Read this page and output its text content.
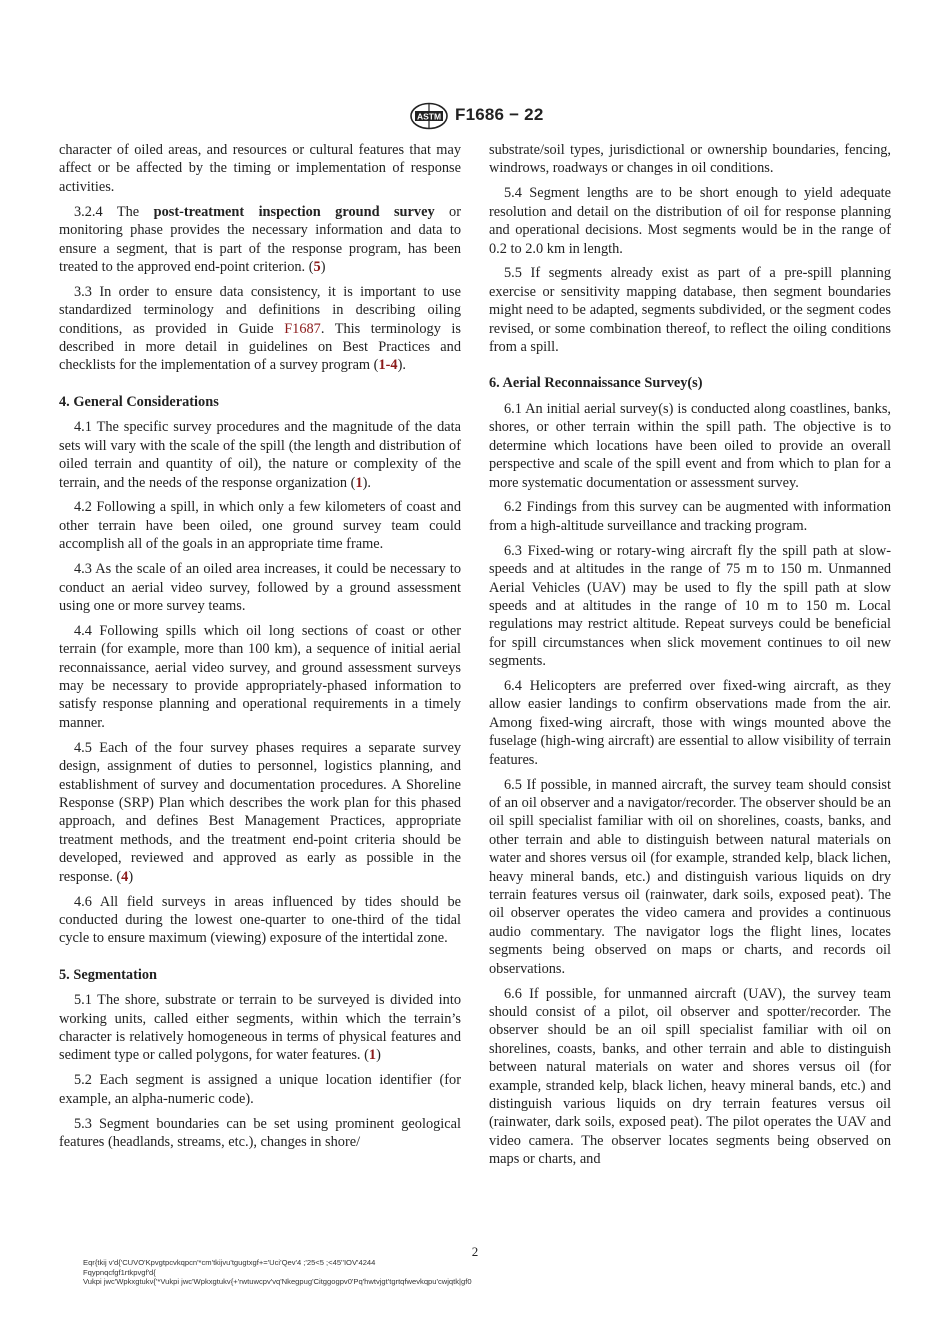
ASTM F1686 − 22

character of oiled areas, and resources or cultural features that may affect or be affected by the timing or implementation of response activities.

3.2.4 The post-treatment inspection ground survey or monitoring phase provides the necessary information and data to ensure a segment, that is part of the response program, has been treated to the approved end-point criterion. (5)

3.3 In order to ensure data consistency, it is important to use standardized terminology and definitions in describing oiling conditions, as provided in Guide F1687. This terminology is described in more detail in guidelines on Best Practices and checklists for the implementation of a survey program (1-4).

4. General Considerations

4.1 The specific survey procedures and the magnitude of the data sets will vary with the scale of the spill (the length and distribution of oiled terrain and quantity of oil), the nature or complexity of the terrain, and the needs of the response organization (1).

4.2 Following a spill, in which only a few kilometers of coast and other terrain have been oiled, one ground survey team could accomplish all of the goals in an appropriate time frame.

4.3 As the scale of an oiled area increases, it could be necessary to conduct an aerial video survey, followed by a ground assessment using one or more survey teams.

4.4 Following spills which oil long sections of coast or other terrain (for example, more than 100 km), a sequence of initial aerial reconnaissance, aerial video survey, and ground assessment surveys may be necessary to provide appropriately-phased information to satisfy response planning and operational requirements in a timely manner.

4.5 Each of the four survey phases requires a separate survey design, assignment of duties to personnel, logistics planning, and establishment of survey and documentation procedures. A Shoreline Response (SRP) Plan which describes the work plan for this phased approach, and defines Best Management Practices, appropriate treatment methods, and the treatment end-point criteria should be developed, reviewed and approved as early as possible in the response. (4)

4.6 All field surveys in areas influenced by tides should be conducted during the lowest one-quarter to one-third of the tidal cycle to ensure maximum (viewing) exposure of the intertidal zone.

5. Segmentation

5.1 The shore, substrate or terrain to be surveyed is divided into working units, called either segments, within which the terrain’s character is relatively homogeneous in terms of physical features and sediment type or called polygons, for water features. (1)

5.2 Each segment is assigned a unique location identifier (for example, an alpha-numeric code).

5.3 Segment boundaries can be set using prominent geological features (headlands, streams, etc.), changes in shore/

substrate/soil types, jurisdictional or ownership boundaries, fencing, windrows, roadways or changes in oil conditions.

5.4 Segment lengths are to be short enough to yield adequate resolution and detail on the distribution of oil for response planning and operational decisions. Most segments would be in the range of 0.2 to 2.0 km in length.

5.5 If segments already exist as part of a pre-spill planning exercise or sensitivity mapping database, then segment boundaries might need to be adapted, segments subdivided, or the segment codes revised, or some combination thereof, to reflect the oiling conditions from a spill.

6. Aerial Reconnaissance Survey(s)

6.1 An initial aerial survey(s) is conducted along coastlines, banks, shores, or other terrain within the spill path. The objective is to determine which locations have been oiled to provide an overall perspective and scale of the spill event and from which to plan for a more systematic documentation or assessment survey.

6.2 Findings from this survey can be augmented with information from a high-altitude surveillance and tracking program.

6.3 Fixed-wing or rotary-wing aircraft fly the spill path at slow-speeds and at altitudes in the range of 75 m to 150 m. Unmanned Aerial Vehicles (UAV) may be used to fly the spill path at slow speeds and at altitudes in the range of 10 m to 150 m. Local regulations may restrict altitude. Repeat surveys could be beneficial for spill circumstances when slick movement continues to oil new segments.

6.4 Helicopters are preferred over fixed-wing aircraft, as they allow easier landings to confirm observations made from the air. Among fixed-wing aircraft, those with wings mounted above the fuselage (high-wing aircraft) are essential to allow visibility of terrain features.

6.5 If possible, in manned aircraft, the survey team should consist of an oil observer and a navigator/recorder. The observer should be an oil spill specialist familiar with oil on shorelines, coasts, banks, and other terrain and able to distinguish between natural materials on water and shores versus oil (for example, stranded kelp, black lichen, heavy mineral bands, etc.) and distinguish various liquids on dry terrain features versus oil (rainwater, dark soils, exposed peat). The oil observer operates the video camera and provides a continuous audio commentary. The navigator logs the flight lines, locates segments being observed on maps or charts, and records oil observations.

6.6 If possible, for unmanned aircraft (UAV), the survey team should consist of a pilot, oil observer and spotter/recorder. The observer should be an oil spill specialist familiar with oil on shorelines, coasts, banks, and other terrain and able to distinguish between natural materials on water and shores versus oil (for example, stranded kelp, black lichen, heavy mineral bands, etc.) and distinguish various liquids on dry terrain features versus oil (rainwater, dark soils, exposed peat). The pilot operates the UAV and video camera. The observer locates segments being observed on maps or charts, and

2
Eqr{tkij v'd{'CUVO'Kpvgtpcvkqpcn'*cm'tkijvu'tgugtxgf+='Uci'Qev'4 ;'25<5 ;<45''IOV'4244
Fqypnqcfgf1rtkpvgf'd{
Vukpi jwc'Wpkxgtukv{'*Vukpi jwc'Wpkxgtukv{+'rwtuwcpv'vq'Nkegpug'Citggogpv0'Pq'hwtvjgt'tgrtqfwevkqpu'cwjqtk|gf0
